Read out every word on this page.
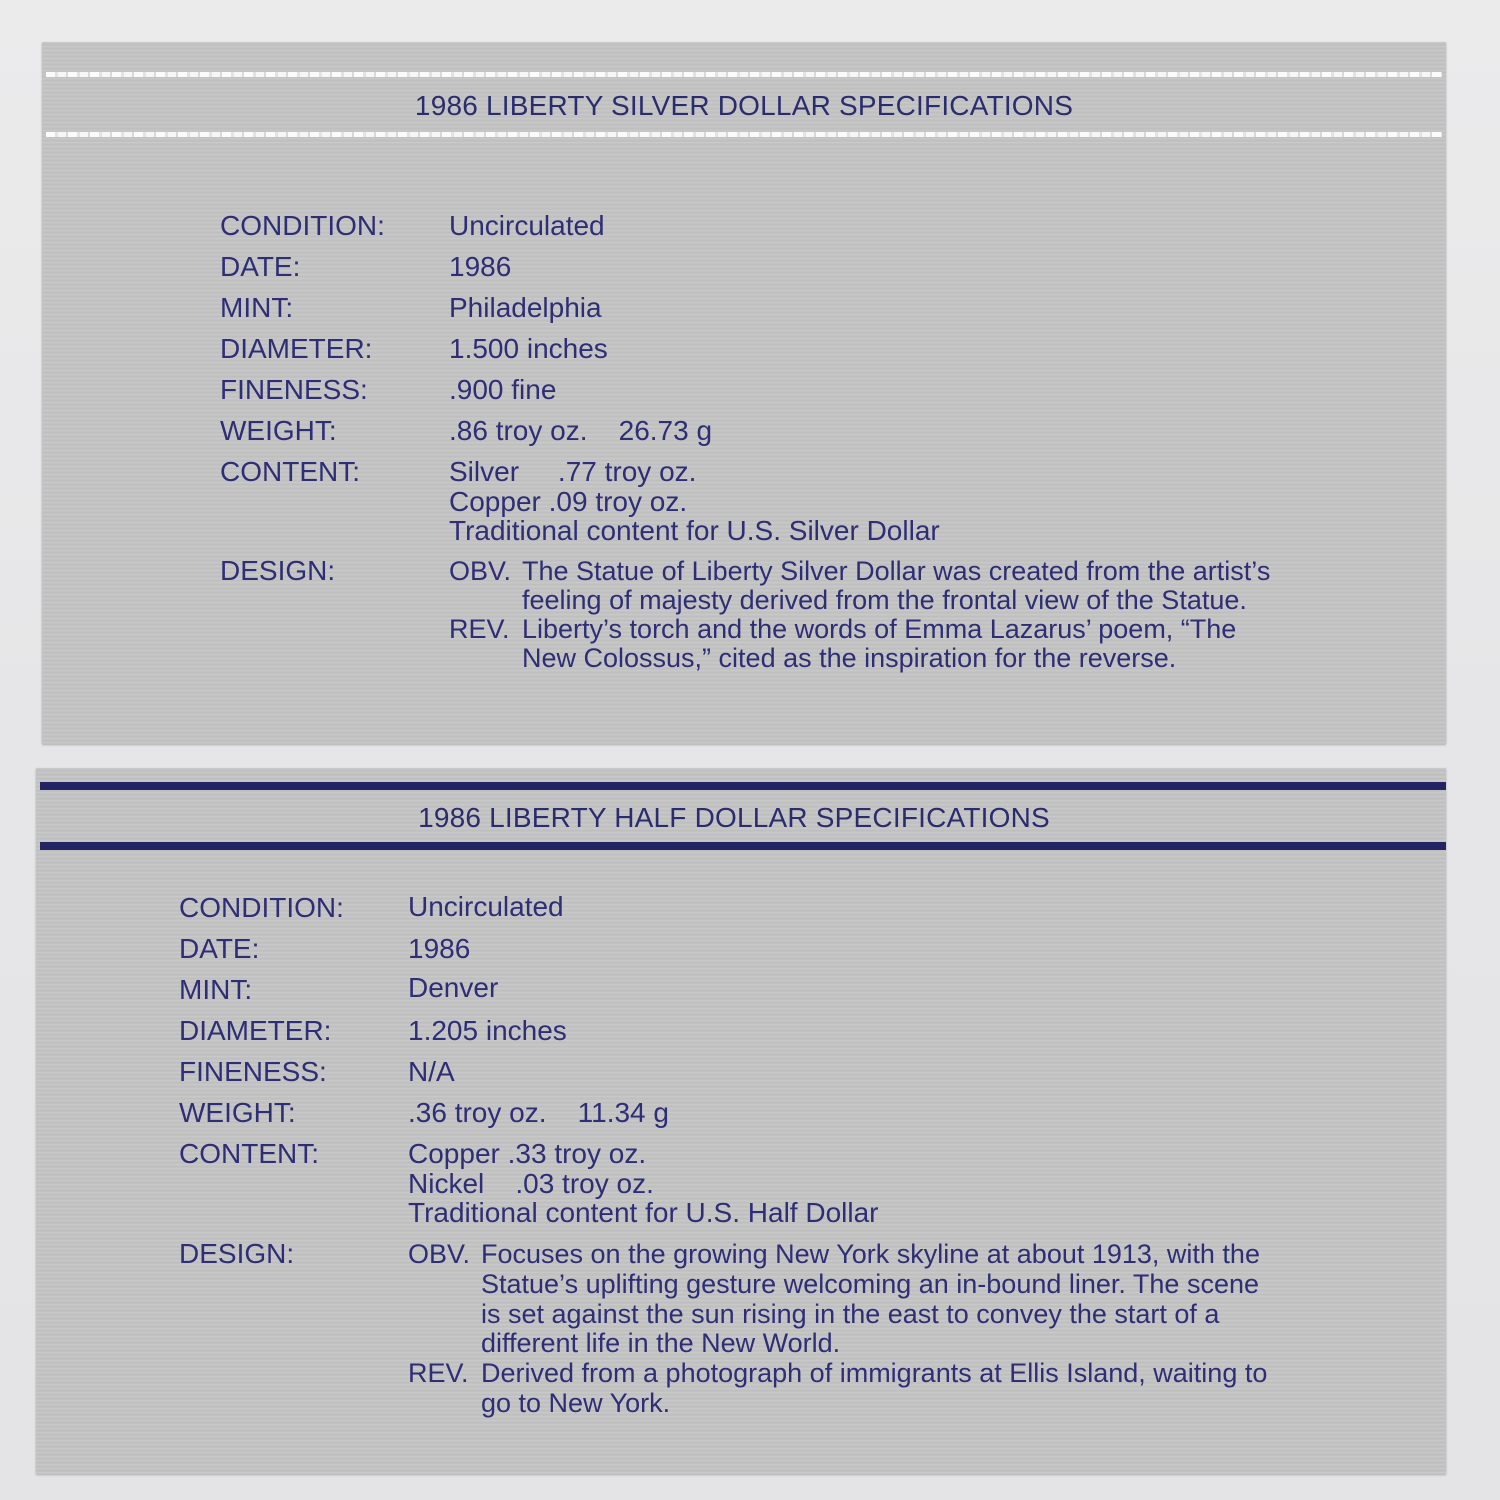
1986 LIBERTY SILVER DOLLAR SPECIFICATIONS
CONDITION: Uncirculated
DATE:	1986
MINT:	Philadelphia
DIAMETER:	1.500 inches
FINENESS:	.900 fine
WEIGHT:	.86 troy oz.    26.73 g
CONTENT:	Silver     .77 troy oz.
Copper .09 troy oz.
Traditional content for U.S. Silver Dollar
DESIGN:	OBV. The Statue of Liberty Silver Dollar was created from the artist’s
feeling of majesty derived from the frontal view of the Statue.
REV. Liberty’s torch and the words of Emma Lazarus’ poem, “The
New Colossus,” cited as the inspiration for the reverse.
1986 LIBERTY HALF DOLLAR SPECIFICATIONS
CONDITION: Uncirculated
DATE:	1986
MINT:	Denver
DIAMETER:	1.205 inches
FINENESS:	N/A
WEIGHT:	.36 troy oz.    11.34 g
CONTENT:	Copper .33 troy oz.
Nickel    .03 troy oz.
Traditional content for U.S. Half Dollar
DESIGN:	OBV. Focuses on the growing New York skyline at about 1913, with the
Statue’s uplifting gesture welcoming an in-bound liner. The scene
is set against the sun rising in the east to convey the start of a
different life in the New World.
REV. Derived from a photograph of immigrants at Ellis Island, waiting to
go to New York.
